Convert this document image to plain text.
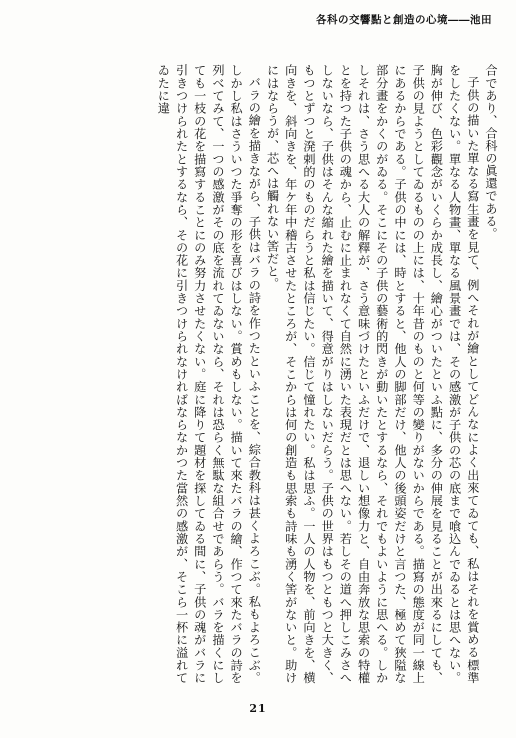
各科の交響點と創造の心境――池田

合であり、合科の眞還である。

子供の描いた單なる寫生畫を見て、例へそれが繪としてどんなによく出來てゐても、私はそれを賞める標準をしたくない。單なる人物畫、單なる風景畫では、その感激が子供の芯の底まで喰込んでゐるとは思へない。胸が伸び、色彩觀念がいくらか成長し、繪心がついたといふ點に、多分の伸展を見ることが出來るにしても、子供の見ようとしてゐるものの上には、十年昔のものと何等の變りがないからである。描寫の態度が同一線上にあるからである。子供の中には、時とすると、他人の脚部だけ、他人の後頭姿だけと言つた、極めて狹隘な部分畫をかくのがゐる。そこにその子供の藝術的閃きが動いたとするなら、それでもよいように思へる。しかしそれは、さう思へる大人の解釋が、さう意味づけたといふだけで、退しい想像力と、自由奔放な思索の特權とを持つた子供の魂から、止むに止まれなくて自然に湧いた表現だとは思へない。若しその道へ押しこみさへしないなら、子供はそんな縮れた繪を描いて、得意がりはしないだらう。子供の世界はもつともつと大きく、もつとずつと溌剌的のものだらうと私は信じたい。信じて憧れたい。私は思ふ。一人の人物を、前向きを、横向きを、斜向きを、年ケ年中稽古させたところが、そこからは何の創造も思索も詩味も湧く筈がないと。助けにはならうが、芯へは觸れない筈だと。

バラの繪を描きながら、子供はバラの詩を作つたといふことを、綜合教科は甚くよろこぶ。私もよろこぶ。しかし私はさういつた爭奪の形を喜びはしない。賞めもしない。描いて來たバラの繪、作つて來たバラの詩を列べてみて、一つの感激がその底を流れてゐないなら、それは恐らく無駄な組合せであらう。バラを描くにしても一枝の花を描寫することにのみ努力させたくない。庭に降りて題材を探してゐる間に、子供の魂がバラに引きつけられたとするなら、その花に引きつけられなければならなかつた當然の感激が、そこら一杯に溢れてゐたに違

21
